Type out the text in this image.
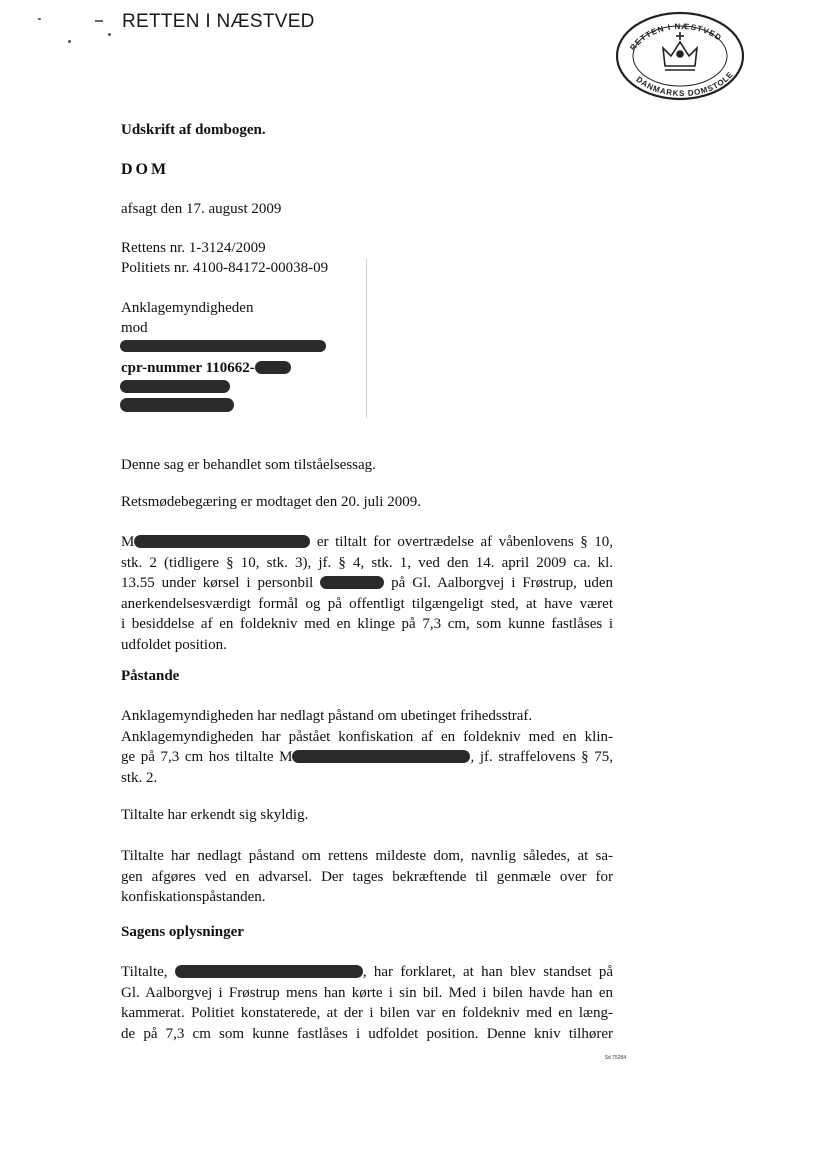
RETTEN I NÆSTVED
RETTEN I NÆSTVED
DANMARKS DOMSTOLE
Udskrift af dombogen.
DOM
afsagt den 17. august 2009
Rettens nr. 1-3124/2009
Politiets nr. 4100-84172-00038-09
Anklagemyndigheden
mod
cpr-nummer 110662-
Denne sag er behandlet som tilståelsessag.
Retsmødebegæring er modtaget den 20. juli 2009.
M	er tiltalt for overtrædelse af våbenlovens § 10,
stk. 2 (tidligere § 10, stk. 3), jf. § 4, stk. 1, ved den 14. april 2009 ca. kl.
13.55 under kørsel i personbil	på Gl. Aalborgvej i Frøstrup, uden
anerkendelsesværdigt formål og på offentligt tilgængeligt sted, at have været
i besiddelse af en foldekniv med en klinge på 7,3 cm, som kunne fastlåses i
udfoldet position.
Påstande
Anklagemyndigheden har nedlagt påstand om ubetinget frihedsstraf.
Anklagemyndigheden har påstået konfiskation af en foldekniv med en klin-
ge på 7,3 cm hos tiltalte M	, jf. straffelovens § 75,
stk. 2.
Tiltalte har erkendt sig skyldig.
Tiltalte har nedlagt påstand om rettens mildeste dom, navnlig således, at sa-
gen afgøres ved en advarsel. Der tages bekræftende til genmæle over for
konfiskationspåstanden.
Sagens oplysninger
Tiltalte,	, har forklaret, at han blev standset på
Gl. Aalborgvej i Frøstrup mens han kørte i sin bil. Med i bilen havde han en
kammerat. Politiet konstaterede, at der i bilen var en foldekniv med en læng-
de på 7,3 cm som kunne fastlåses i udfoldet position. Denne kniv tilhører
Sd 75284
